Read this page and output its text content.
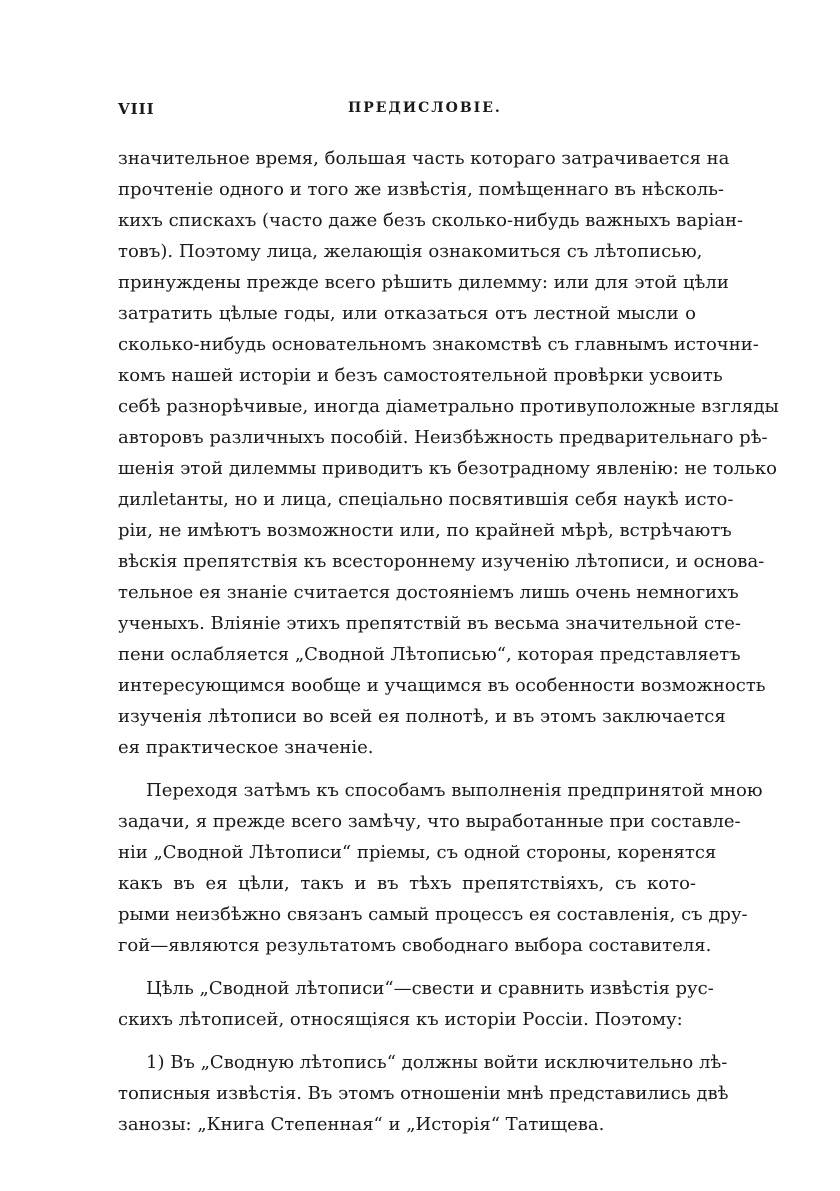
VIII	ПРЕДИСЛОВІЕ.
значительное время, большая часть котораго затрачивается на
прочтеніе одного и того же извѣстія, помѣщеннаго въ нѣсколь-
кихъ спискахъ (часто даже безъ сколько-нибудь важныхъ варіан-
товъ). Поэтому лица, желающія ознакомиться съ лѣтописью,
принуждены прежде всего рѣшить дилемму: или для этой цѣли
затратить цѣлые годы, или отказаться отъ лестной мысли о
сколько-нибудь основательномъ знакомствѣ съ главнымъ источни-
комъ нашей исторіи и безъ самостоятельной провѣрки усвоить
себѣ разнорѣчивые, иногда діаметрально противуположные взгляды
авторовъ различныхъ пособій. Неизбѣжность предварительнаго рѣ-
шенія этой дилеммы приводитъ къ безотрадному явленію: не только
дилletанты, но и лица, спеціально посвятившія себя наукѣ исто-
ріи, не имѣютъ возможности или, по крайней мѣрѣ, встрѣчаютъ
вѣскія препятствія къ всестороннему изученію лѣтописи, и основа-
тельное ея знаніе считается достояніемъ лишь очень немногихъ
ученыхъ. Вліяніе этихъ препятствій въ весьма значительной сте-
пени ослабляется „Сводной Лѣтописью“, которая представляетъ
интересующимся вообще и учащимся въ особенности возможность
изученія лѣтописи во всей ея полнотѣ, и въ этомъ заключается
ея практическое значеніе.
Переходя затѣмъ къ способамъ выполненія предпринятой мною
задачи, я прежде всего замѣчу, что выработанные при составле-
ніи „Сводной Лѣтописи“ пріемы, съ одной стороны, коренятся
какъ въ ея цѣли, такъ и въ тѣхъ препятствіяхъ, съ кото-
рыми неизбѣжно связанъ самый процессъ ея составленія, съ дру-
гой—являются результатомъ свободнаго выбора составителя.
Цѣль „Сводной лѣтописи“—свести и сравнить извѣстія рус-
скихъ лѣтописей, относящіяся къ исторіи Россіи. Поэтому:
1) Въ „Сводную лѣтопись“ должны войти исключительно лѣ-
тописныя извѣстія. Въ этомъ отношеніи мнѣ представились двѣ
занозы: „Книга Степенная“ и „Исторія“ Татищева.
